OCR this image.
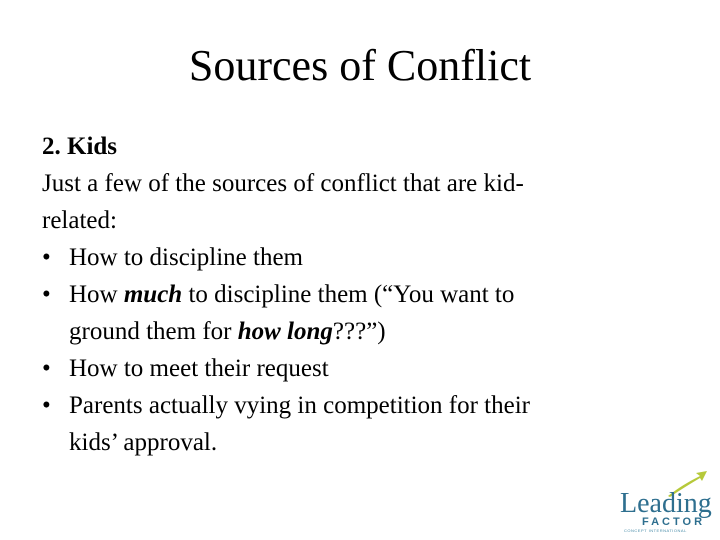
Sources of Conflict
2. Kids
Just a few of the sources of conflict that are kid-
related:
• How to discipline them
• How much to discipline them (“You want to
ground them for how long???”)
• How to meet their request
• Parents actually vying in competition for their
kids’ approval.
Leading
FACTOR
CONCEPT INTERNATIONAL
